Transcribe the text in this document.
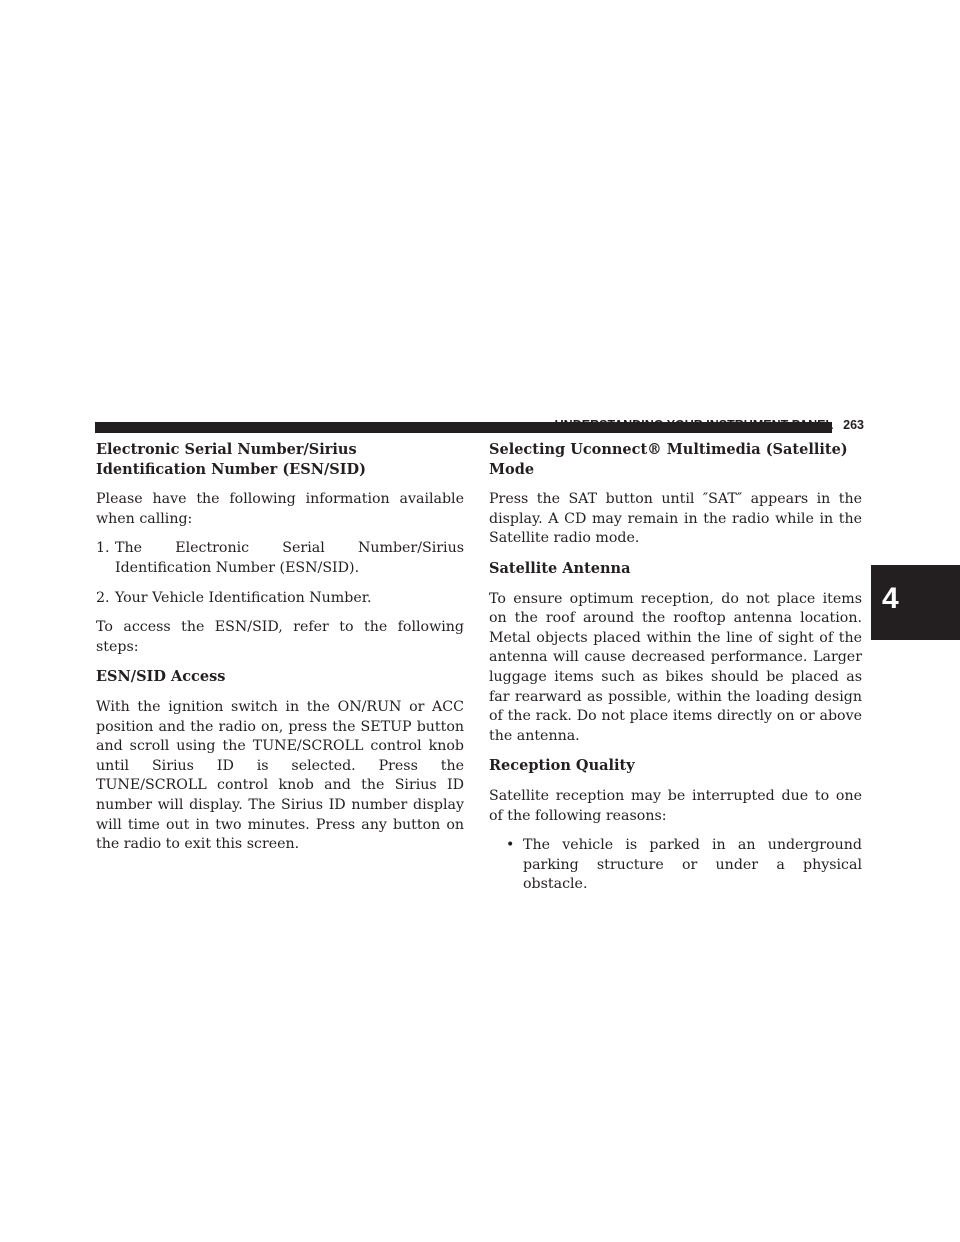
UNDERSTANDING YOUR INSTRUMENT PANEL 263
4
Electronic Serial Number/Sirius Identification Number (ESN/SID)

Please have the following information available when calling:

1. The Electronic Serial Number/Sirius Identification Number (ESN/SID).
2. Your Vehicle Identification Number.

To access the ESN/SID, refer to the following steps:

ESN/SID Access

With the ignition switch in the ON/RUN or ACC position and the radio on, press the SETUP button and scroll using the TUNE/SCROLL control knob until Sirius ID is selected. Press the TUNE/SCROLL control knob and the Sirius ID number will display. The Sirius ID number display will time out in two minutes. Press any button on the radio to exit this screen.

Selecting Uconnect® Multimedia (Satellite) Mode

Press the SAT button until ″SAT″ appears in the display. A CD may remain in the radio while in the Satellite radio mode.

Satellite Antenna

To ensure optimum reception, do not place items on the roof around the rooftop antenna location. Metal objects placed within the line of sight of the antenna will cause decreased performance. Larger luggage items such as bikes should be placed as far rearward as possible, within the loading design of the rack. Do not place items directly on or above the antenna.

Reception Quality

Satellite reception may be interrupted due to one of the following reasons:

• The vehicle is parked in an underground parking structure or under a physical obstacle.
